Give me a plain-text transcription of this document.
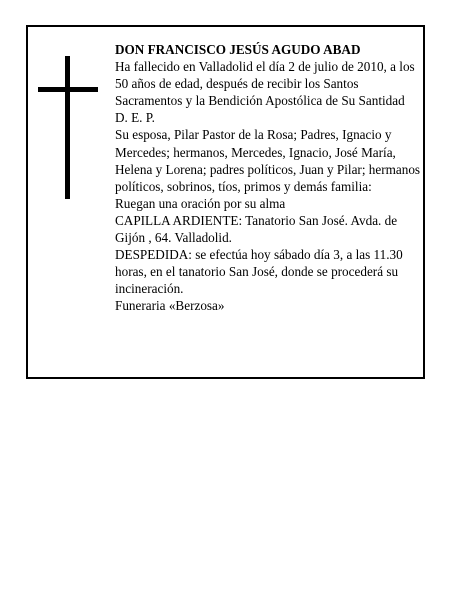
DON FRANCISCO JESÚS AGUDO ABAD

Ha fallecido en Valladolid el día 2 de julio de 2010, a los 50 años de edad, después de recibir los Santos Sacramentos y la Bendición Apostólica de Su Santidad

D. E. P.

Su esposa, Pilar Pastor de la Rosa; Padres, Ignacio y Mercedes; hermanos, Mercedes, Ignacio, José María, Helena y Lorena; padres políticos, Juan y Pilar; hermanos políticos, sobrinos, tíos, primos y demás familia:

Ruegan una oración por su alma

CAPILLA ARDIENTE: Tanatorio San José. Avda. de Gijón , 64. Valladolid.

DESPEDIDA: se efectúa hoy sábado día 3, a las 11.30 horas, en el tanatorio San José, donde se procederá su incineración.

Funeraria «Berzosa»
